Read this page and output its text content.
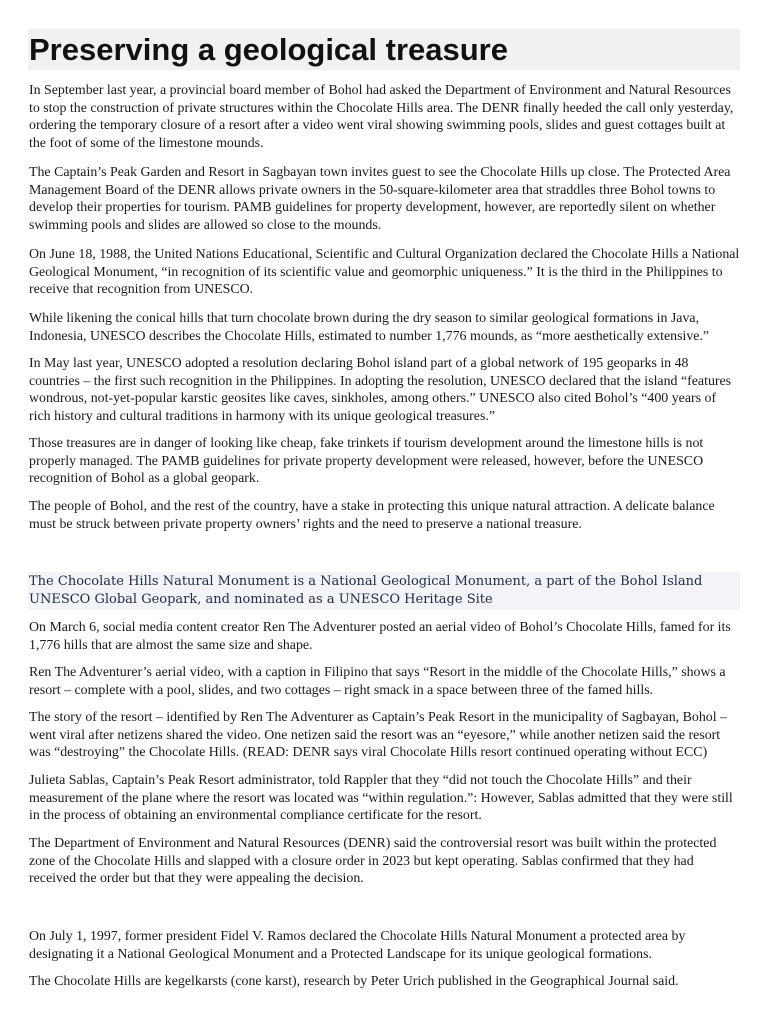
Preserving a geological treasure

In September last year, a provincial board member of Bohol had asked the Department of Environment and Natural Resources to stop the construction of private structures within the Chocolate Hills area. The DENR finally heeded the call only yesterday, ordering the temporary closure of a resort after a video went viral showing swimming pools, slides and guest cottages built at the foot of some of the limestone mounds.

The Captain’s Peak Garden and Resort in Sagbayan town invites guest to see the Chocolate Hills up close. The Protected Area Management Board of the DENR allows private owners in the 50-square-kilometer area that straddles three Bohol towns to develop their properties for tourism. PAMB guidelines for property development, however, are reportedly silent on whether swimming pools and slides are allowed so close to the mounds.

On June 18, 1988, the United Nations Educational, Scientific and Cultural Organization declared the Chocolate Hills a National Geological Monument, “in recognition of its scientific value and geomorphic uniqueness.” It is the third in the Philippines to receive that recognition from UNESCO.

While likening the conical hills that turn chocolate brown during the dry season to similar geological formations in Java, Indonesia, UNESCO describes the Chocolate Hills, estimated to number 1,776 mounds, as “more aesthetically extensive.”

In May last year, UNESCO adopted a resolution declaring Bohol island part of a global network of 195 geoparks in 48 countries – the first such recognition in the Philippines. In adopting the resolution, UNESCO declared that the island “features wondrous, not-yet-popular karstic geosites like caves, sinkholes, among others.” UNESCO also cited Bohol’s “400 years of rich history and cultural traditions in harmony with its unique geological treasures.”

Those treasures are in danger of looking like cheap, fake trinkets if tourism development around the limestone hills is not properly managed. The PAMB guidelines for private property development were released, however, before the UNESCO recognition of Bohol as a global geopark.

The people of Bohol, and the rest of the country, have a stake in protecting this unique natural attraction. A delicate balance must be struck between private property owners’ rights and the need to preserve a national treasure.

The Chocolate Hills Natural Monument is a National Geological Monument, a part of the Bohol Island UNESCO Global Geopark, and nominated as a UNESCO Heritage Site

On March 6, social media content creator Ren The Adventurer posted an aerial video of Bohol’s Chocolate Hills, famed for its 1,776 hills that are almost the same size and shape.

Ren The Adventurer’s aerial video, with a caption in Filipino that says “Resort in the middle of the Chocolate Hills,” shows a resort – complete with a pool, slides, and two cottages – right smack in a space between three of the famed hills.

The story of the resort – identified by Ren The Adventurer as Captain’s Peak Resort in the municipality of Sagbayan, Bohol – went viral after netizens shared the video. One netizen said the resort was an “eyesore,” while another netizen said the resort was “destroying” the Chocolate Hills. (READ: DENR says viral Chocolate Hills resort continued operating without ECC)

Julieta Sablas, Captain’s Peak Resort administrator, told Rappler that they “did not touch the Chocolate Hills” and their measurement of the plane where the resort was located was “within regulation.”: However, Sablas admitted that they were still in the process of obtaining an environmental compliance certificate for the resort.

The Department of Environment and Natural Resources (DENR) said the controversial resort was built within the protected zone of the Chocolate Hills and slapped with a closure order in 2023 but kept operating. Sablas confirmed that they had received the order but that they were appealing the decision.

On July 1, 1997, former president Fidel V. Ramos declared the Chocolate Hills Natural Monument a protected area by designating it a National Geological Monument and a Protected Landscape for its unique geological formations.

The Chocolate Hills are kegelkarsts (cone karst), research by Peter Urich published in the Geographical Journal said.
